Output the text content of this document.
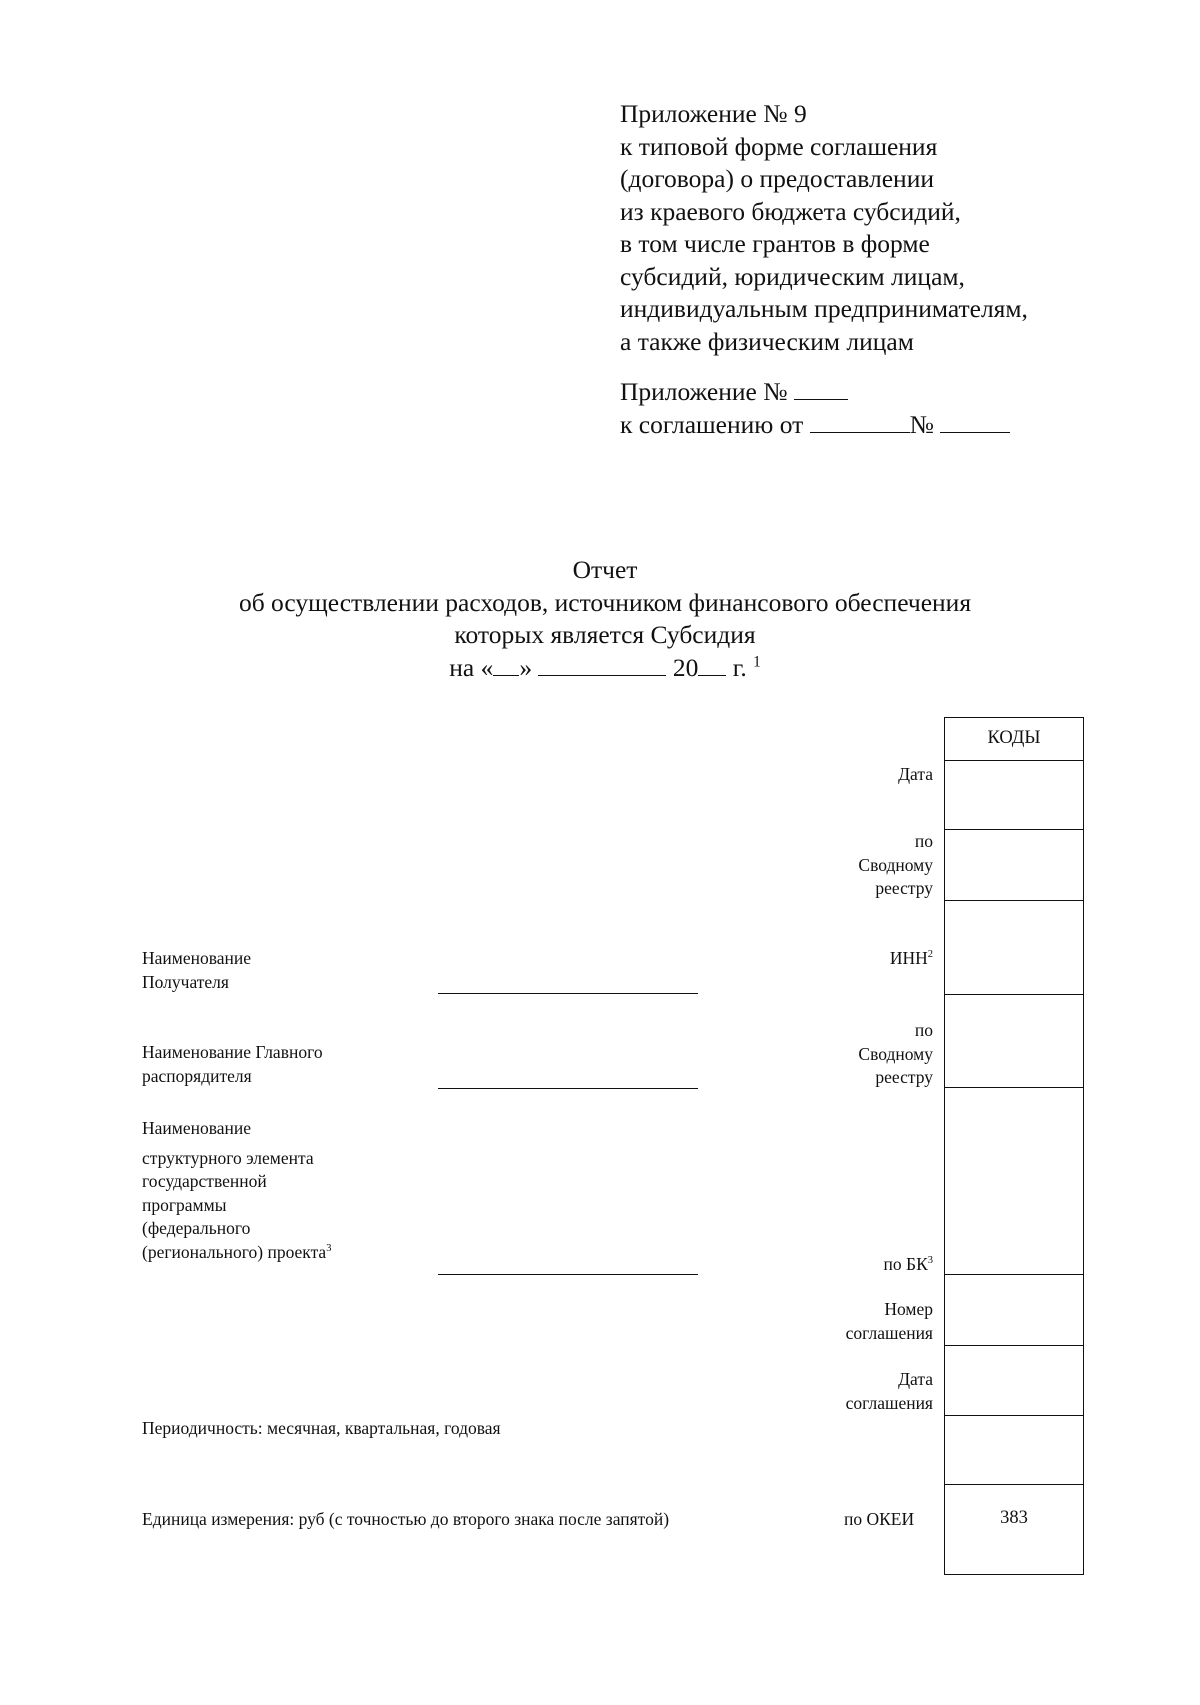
Приложение № 9
к типовой форме соглашения
(договора) о предоставлении
из краевого бюджета субсидий,
в том числе грантов в форме
субсидий, юридическим лицам,
индивидуальным предпринимателям,
а также физическим лицам
Приложение №
к соглашению от	№
Отчет
об осуществлении расходов, источником финансового обеспечения
которых является Субсидия
на « »	20 г. $^1$
КОДЫ
383
Дата
по
Сводному
реестру
ИНН$^2$
по
Сводному
реестру
по $БК^3$
Номер
соглашения
Дата
соглашения
по ОКЕИ
Наименование
Получателя
Наименование Главного
распорядителя
Наименование
структурного элемента
государственной
программы
(федерального
(регионального) проекта$^3$
Периодичность: месячная, квартальная, годовая
Единица измерения: руб (с точностью до второго знака после запятой)
